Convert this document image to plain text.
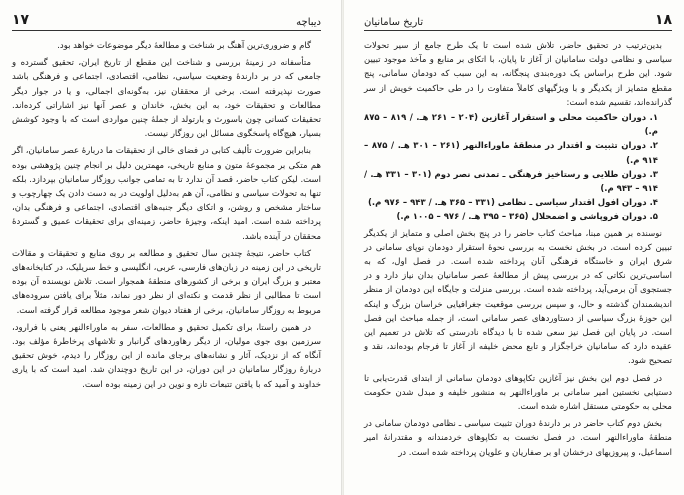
دیباچه
۱۷

گام و ضروری‌ترین آهنگ بر شناخت و مطالعهٔ دیگر موضوعات خواهد بود.

متأسفانه در زمینهٔ بررسی و شناخت این مقطع از تاریخ ایران، تحقیق گسترده و جامعی که در بر دارندهٔ وضعیت سیاسی، نظامی، اقتصادی، اجتماعی و فرهنگی باشد صورت نپذیرفته است. برخی از محققان نیز، به‌گونه‌ای اجمالی، و یا در جوار دیگر مطالعات و تحقیقات خود، به این بخش، خاندان و عصر آنها نیز اشاراتی کرده‌اند. تحقیقات کسانی چون باسورث و بارتولد از جملهٔ چنین مواردی است که با وجود کوشش بسیار، هیچ‌گاه پاسخگوی مسائل این روزگار نیست.

بنابراین ضرورت تألیف کتابی در فضای خالی از تحقیقات ما دربارهٔ عصر سامانیان، اگر هم متکی بر مجموعهٔ متون و منابع تاریخی، مهمترین دلیل بر انجام چنین پژوهشی بوده است. لیکن کتاب حاضر، قصد آن ندارد تا به تمامی جوانب روزگار سامانیان بپردازد. بلکه تنها به تحولات سیاسی و نظامی، آن هم به‌دلیل اولویت در به دست دادن یک چهارچوب و ساختار مشخص و روشن، و اتکای دیگر جنبه‌های اقتصادی، اجتماعی و فرهنگی بدان، پرداخته شده است. امید اینکه، وجیزهٔ حاضر، زمینه‌ای برای تحقیقات عمیق و گستردهٔ محققان در آینده باشد.

کتاب حاضر، نتیجهٔ چندین سال تحقیق و مطالعه بر روی منابع و تحقیقات و مقالات تاریخی در این زمینه در زبان‌های فارسی، عربی، انگلیسی و خط سریلیک، در کتابخانه‌های معتبر و بزرگ ایران و برخی از کشورهای منطقهٔ همجوار است. تلاش نویسنده آن بوده است تا مطالبی از نظر قدمت و نکته‌ای از نظر دور نماند، مثلاً برای یافتن سروده‌های مربوط به روزگار سامانیان، برخی از هفتاد دیوان شعر موجود مطالعه قرار گرفته است.

در همین راستا، برای تکمیل تحقیق و مطالعات، سفر به ماوراءالنهر یعنی با فرارود، سرزمین بوی جوی مولیان، از دیگر رهاوردهای گرانبار و تلاشهای پرخاطرهٔ مؤلف بود. آنگاه که از نزدیک، آثار و نشانه‌های برجای مانده از این روزگار را دیدم، خوش تحقیق دربارهٔ روزگار سامانیان در این دوران، در این تاریخ دوچندان شد. امید است که با یاری خداوند و آمید که با یافتن تتبعات تازه و نوین در این زمینه بوده است.

۱۸
تاریخ سامانیان

بدین‌ترتیب در تحقیق حاضر، تلاش شده است تا یک طرح جامع از سیر تحولات سیاسی و نظامی دولت سامانیان از آغاز تا پایان، با اتکای بر منابع و مآخذ موجود تبیین شود. این طرح براساس یک دوره‌بندی پنجگانه، به این سبب که دودمان سامانی، پنج مقطع متمایز از یکدیگر و با ویژگیهای کاملاً متفاوت را در طی حاکمیت خویش از سر گذرانده‌اند، تقسیم شده است:

۱. دوران حاکمیت محلی و استقرار آغازین (۲۰۴ – ۲۶۱ هـ. / ۸۱۹ – ۸۷۵ م.)
۲. دوران تثبیت و اقتدار در منطقهٔ ماوراءالنهر (۲۶۱ – ۳۰۱ هـ. / ۸۷۵ – ۹۱۴ م.)
۳. دوران طلایی و رستاخیز فرهنگی ـ تمدنی نصر دوم (۳۰۱ – ۳۳۱ هـ. / ۹۱۴ – ۹۴۳ م.)
۴. دوران افول اقتدار سیاسی ـ نظامی (۳۳۱ – ۳۶۵ هـ. / ۹۴۳ – ۹۷۶ م.)
۵. دوران فروپاشی و اضمحلال (۳۶۵ – ۳۹۵ هـ. / ۹۷۶ – ۱۰۰۵ م.)

نوسنده بر همین مبنا، مباحث کتاب حاضر را در پنج بخش اصلی و متمایز از یکدیگر تبیین کرده است. در بخش نخست به بررسی نحوهٔ استقرار دودمان نوپای سامانی در شرق ایران و خاستگاه فرهنگی آنان پرداخته شده است. در فصل اول، که به اساسی‌ترین نکاتی که در بررسی پیش از مطالعهٔ عصر سامانیان بدان نیاز دارد و در جستجوی آن برمی‌آید، پرداخته شده است. بررسی منزلت و جایگاه این دودمان از منظر اندیشمندان گذشته و حال، و سپس بررسی موقعیت جغرافیایی خراسان بزرگ و اینکه این حوزهٔ بزرگ سیاسی از دستاوردهای عصر سامانی است، از جمله مباحث این فصل است. در پایان این فصل نیز سعی شده تا با دیدگاه نادرستی که تلاش در تعمیم این عقیده دارد که سامانیان خراجگزار و تابع محض خلیفه از آغاز تا فرجام بوده‌اند، نقد و تصحیح شود.

در فصل دوم این بخش نیز آغازین تکاپوهای دودمان سامانی از ابتدای قدرت‌یابی تا دستیابی نخستین امیر سامانی بر ماوراءالنهر به منشور خلیفه و مبدل شدن حکومت محلی به حکومتی مستقل اشاره شده است.

بخش دوم کتاب حاضر در بر دارندهٔ دوران تثبیت سیاسی ـ نظامی دودمان سامانی در منطقهٔ ماوراءالنهر است. در فصل نخست به تکاپوهای خردمندانه و مقتدرانهٔ امیر اسماعیل، و پیروزیهای درخشان او بر صفاریان و علویان پرداخته شده است. در
